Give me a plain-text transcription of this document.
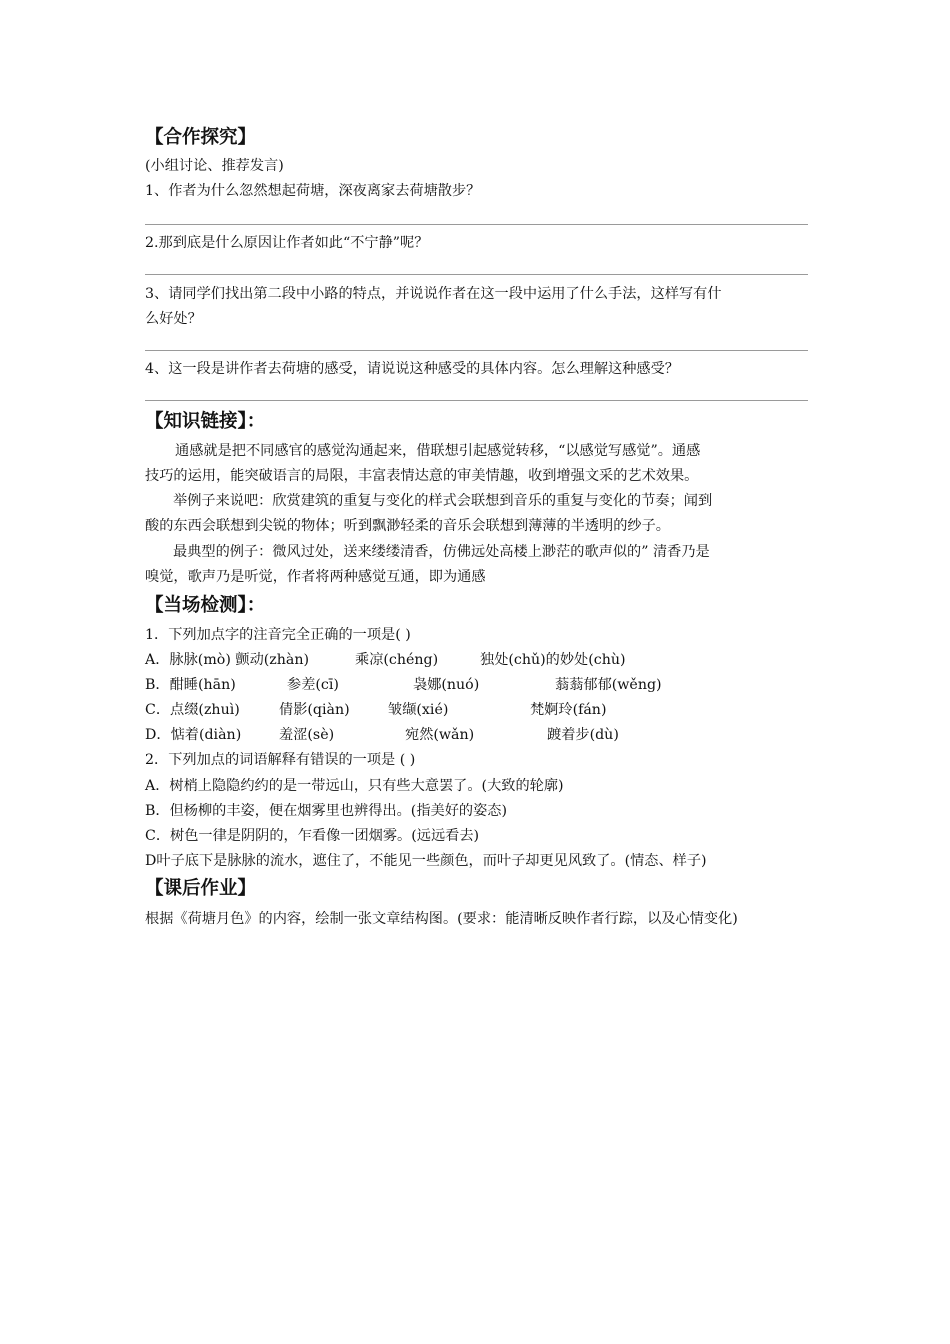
【合作探究】
(小组讨论、推荐发言)
1、作者为什么忽然想起荷塘，深夜离家去荷塘散步？
2.那到底是什么原因让作者如此“不宁静”呢？
3、请同学们找出第二段中小路的特点，并说说作者在这一段中运用了什么手法，这样写有什
么好处？
4、这一段是讲作者去荷塘的感受，请说说这种感受的具体内容。怎么理解这种感受？
【知识链接】：
通感就是把不同感官的感觉沟通起来，借联想引起感觉转移，“以感觉写感觉”。通感
技巧的运用，能突破语言的局限，丰富表情达意的审美情趣，收到增强文采的艺术效果。
举例子来说吧：欣赏建筑的重复与变化的样式会联想到音乐的重复与变化的节奏；闻到
酸的东西会联想到尖锐的物体；听到飘渺轻柔的音乐会联想到薄薄的半透明的纱子。
最典型的例子：微风过处，送来缕缕清香，仿佛远处高楼上渺茫的歌声似的” 清香乃是
嗅觉，歌声乃是听觉，作者将两种感觉互通，即为通感
【当场检测】：
1．下列加点字的注音完全正确的一项是( )
A．脉脉(mò) 颤动(zhàn)	乘凉(chéng)	独处(chǔ)的妙处(chù)
B．酣睡(hān)	参差(cī)	袅娜(nuó)	蓊蓊郁郁(wěng)
C．点缀(zhuì)	倩影(qiàn)	皱缬(xié)	梵婀玲(fán)
D．惦着(diàn)	羞涩(sè)	宛然(wǎn)	踱着步(dù)
2．下列加点的词语解释有错误的一项是 ( )
A．树梢上隐隐约约的是一带远山，只有些大意罢了。(大致的轮廓)
B．但杨柳的丰姿，便在烟雾里也辨得出。(指美好的姿态)
C．树色一律是阴阴的，乍看像一团烟雾。(远远看去)
D叶子底下是脉脉的流水，遮住了，不能见一些颜色，而叶子却更见风致了。(情态、样子)
【课后作业】
根据《荷塘月色》的内容，绘制一张文章结构图。(要求：能清晰反映作者行踪，以及心情变化)
